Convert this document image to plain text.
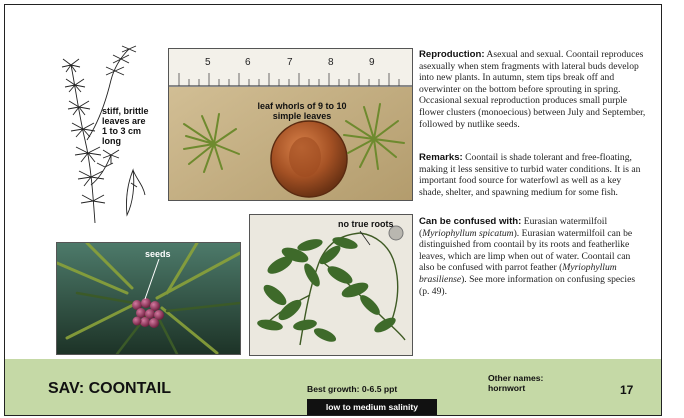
stiff, brittle
leaves are
1 to 3 cm
long
5	6	7	8	9
leaf whorls of 9 to 10
simple leaves
seeds
no true roots

Reproduction: Asexual and sexual. Coontail reproduces asexually when stem fragments with lateral buds develop into new plants. In autumn, stem tips break off and overwinter on the bottom before sprouting in spring. Occasional sexual reproduction produces small purple flower clusters (monoecious) between July and September, followed by nutlike seeds.

Remarks: Coontail is shade tolerant and free-floating, making it less sensitive to turbid water conditions. It is an important food source for waterfowl as well as a key shade, shelter, and spawning medium for some fish.

Can be confused with: Eurasian watermilfoil (Myriophyllum spicatum). Eurasian watermilfoil can be distinguished from coontail by its roots and featherlike leaves, which are limp when out of water. Coontail can also be confused with parrot feather (Myriophyllum brasiliense). See more information on confusing species (p. 49).

SAV: COONTAIL	Best growth: 0-6.5 ppt
low to medium salinity
Other names:
hornwort	17
